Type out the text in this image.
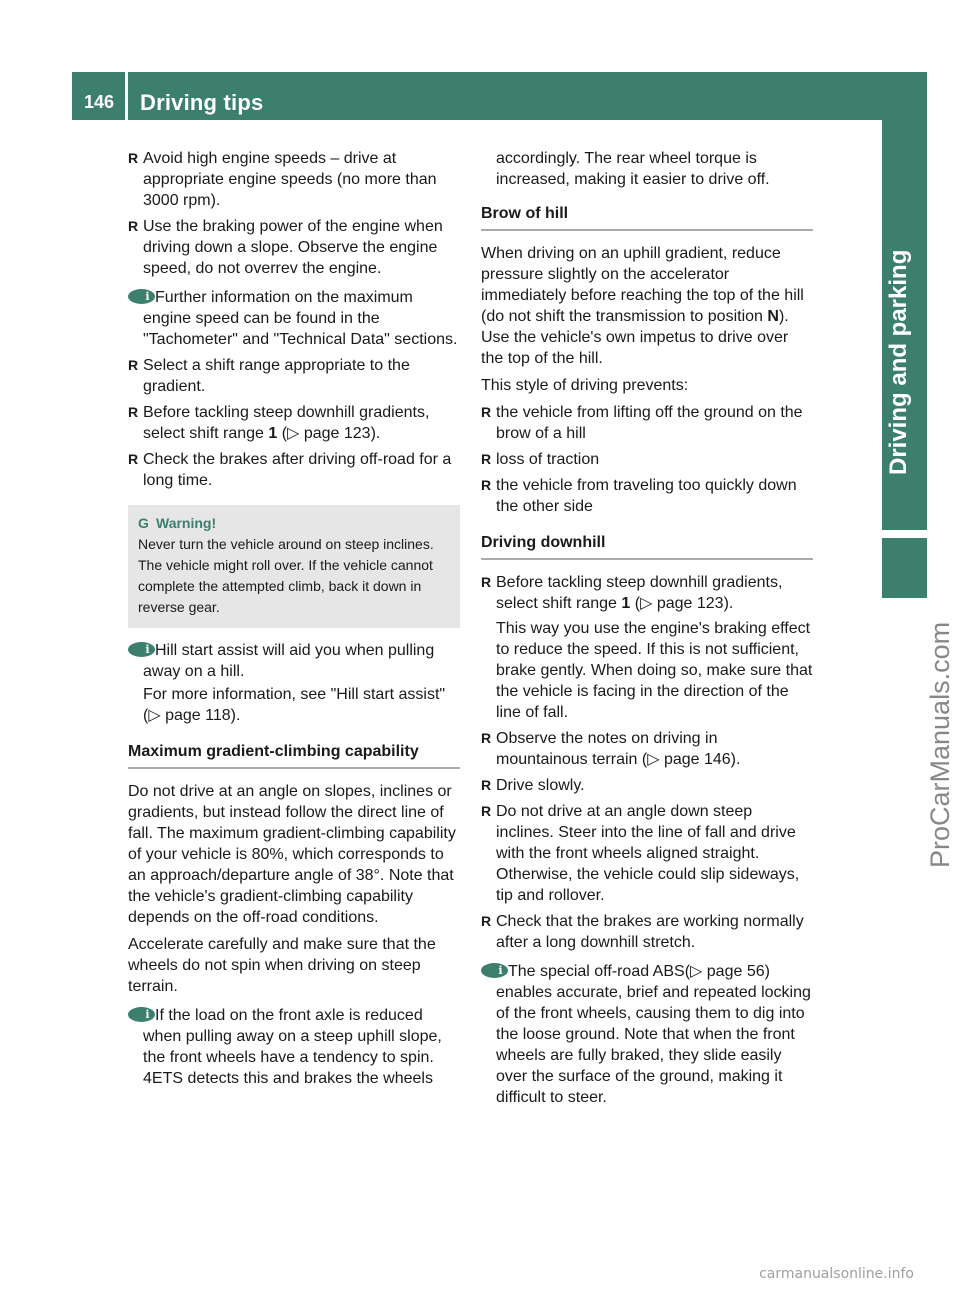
146 Driving tips
Driving and parking
ProCarManuals.com
R Avoid high engine speeds – drive at appropriate engine speeds (no more than 3000 rpm).
R Use the braking power of the engine when driving down a slope. Observe the engine speed, do not overrev the engine.
i Further information on the maximum engine speed can be found in the "Tachometer" and "Technical Data" sections.
R Select a shift range appropriate to the gradient.
R Before tackling steep downhill gradients, select shift range 1 (▷ page 123).
R Check the brakes after driving off-road for a long time.
G Warning!
Never turn the vehicle around on steep inclines. The vehicle might roll over. If the vehicle cannot complete the attempted climb, back it down in reverse gear.
i Hill start assist will aid you when pulling away on a hill.
For more information, see "Hill start assist" (▷ page 118).
Maximum gradient-climbing capability

Do not drive at an angle on slopes, inclines or gradients, but instead follow the direct line of fall. The maximum gradient-climbing capability of your vehicle is 80%, which corresponds to an approach/departure angle of 38°. Note that the vehicle's gradient-climbing capability depends on the off-road conditions.

Accelerate carefully and make sure that the wheels do not spin when driving on steep terrain.

i If the load on the front axle is reduced when pulling away on a steep uphill slope, the front wheels have a tendency to spin. 4ETS detects this and brakes the wheels
accordingly. The rear wheel torque is increased, making it easier to drive off.
Brow of hill

When driving on an uphill gradient, reduce pressure slightly on the accelerator immediately before reaching the top of the hill (do not shift the transmission to position N). Use the vehicle's own impetus to drive over the top of the hill.

This style of driving prevents:

R the vehicle from lifting off the ground on the brow of a hill
R loss of traction
R the vehicle from traveling too quickly down the other side
Driving downhill
R Before tackling steep downhill gradients, select shift range 1 (▷ page 123).
This way you use the engine's braking effect to reduce the speed. If this is not sufficient, brake gently. When doing so, make sure that the vehicle is facing in the direction of the line of fall.
R Observe the notes on driving in mountainous terrain (▷ page 146).
R Drive slowly.
R Do not drive at an angle down steep inclines. Steer into the line of fall and drive with the front wheels aligned straight. Otherwise, the vehicle could slip sideways, tip and rollover.
R Check that the brakes are working normally after a long downhill stretch.
i The special off-road ABS(▷ page 56) enables accurate, brief and repeated locking of the front wheels, causing them to dig into the loose ground. Note that when the front wheels are fully braked, they slide easily over the surface of the ground, making it difficult to steer.
carmanualsonline.info
